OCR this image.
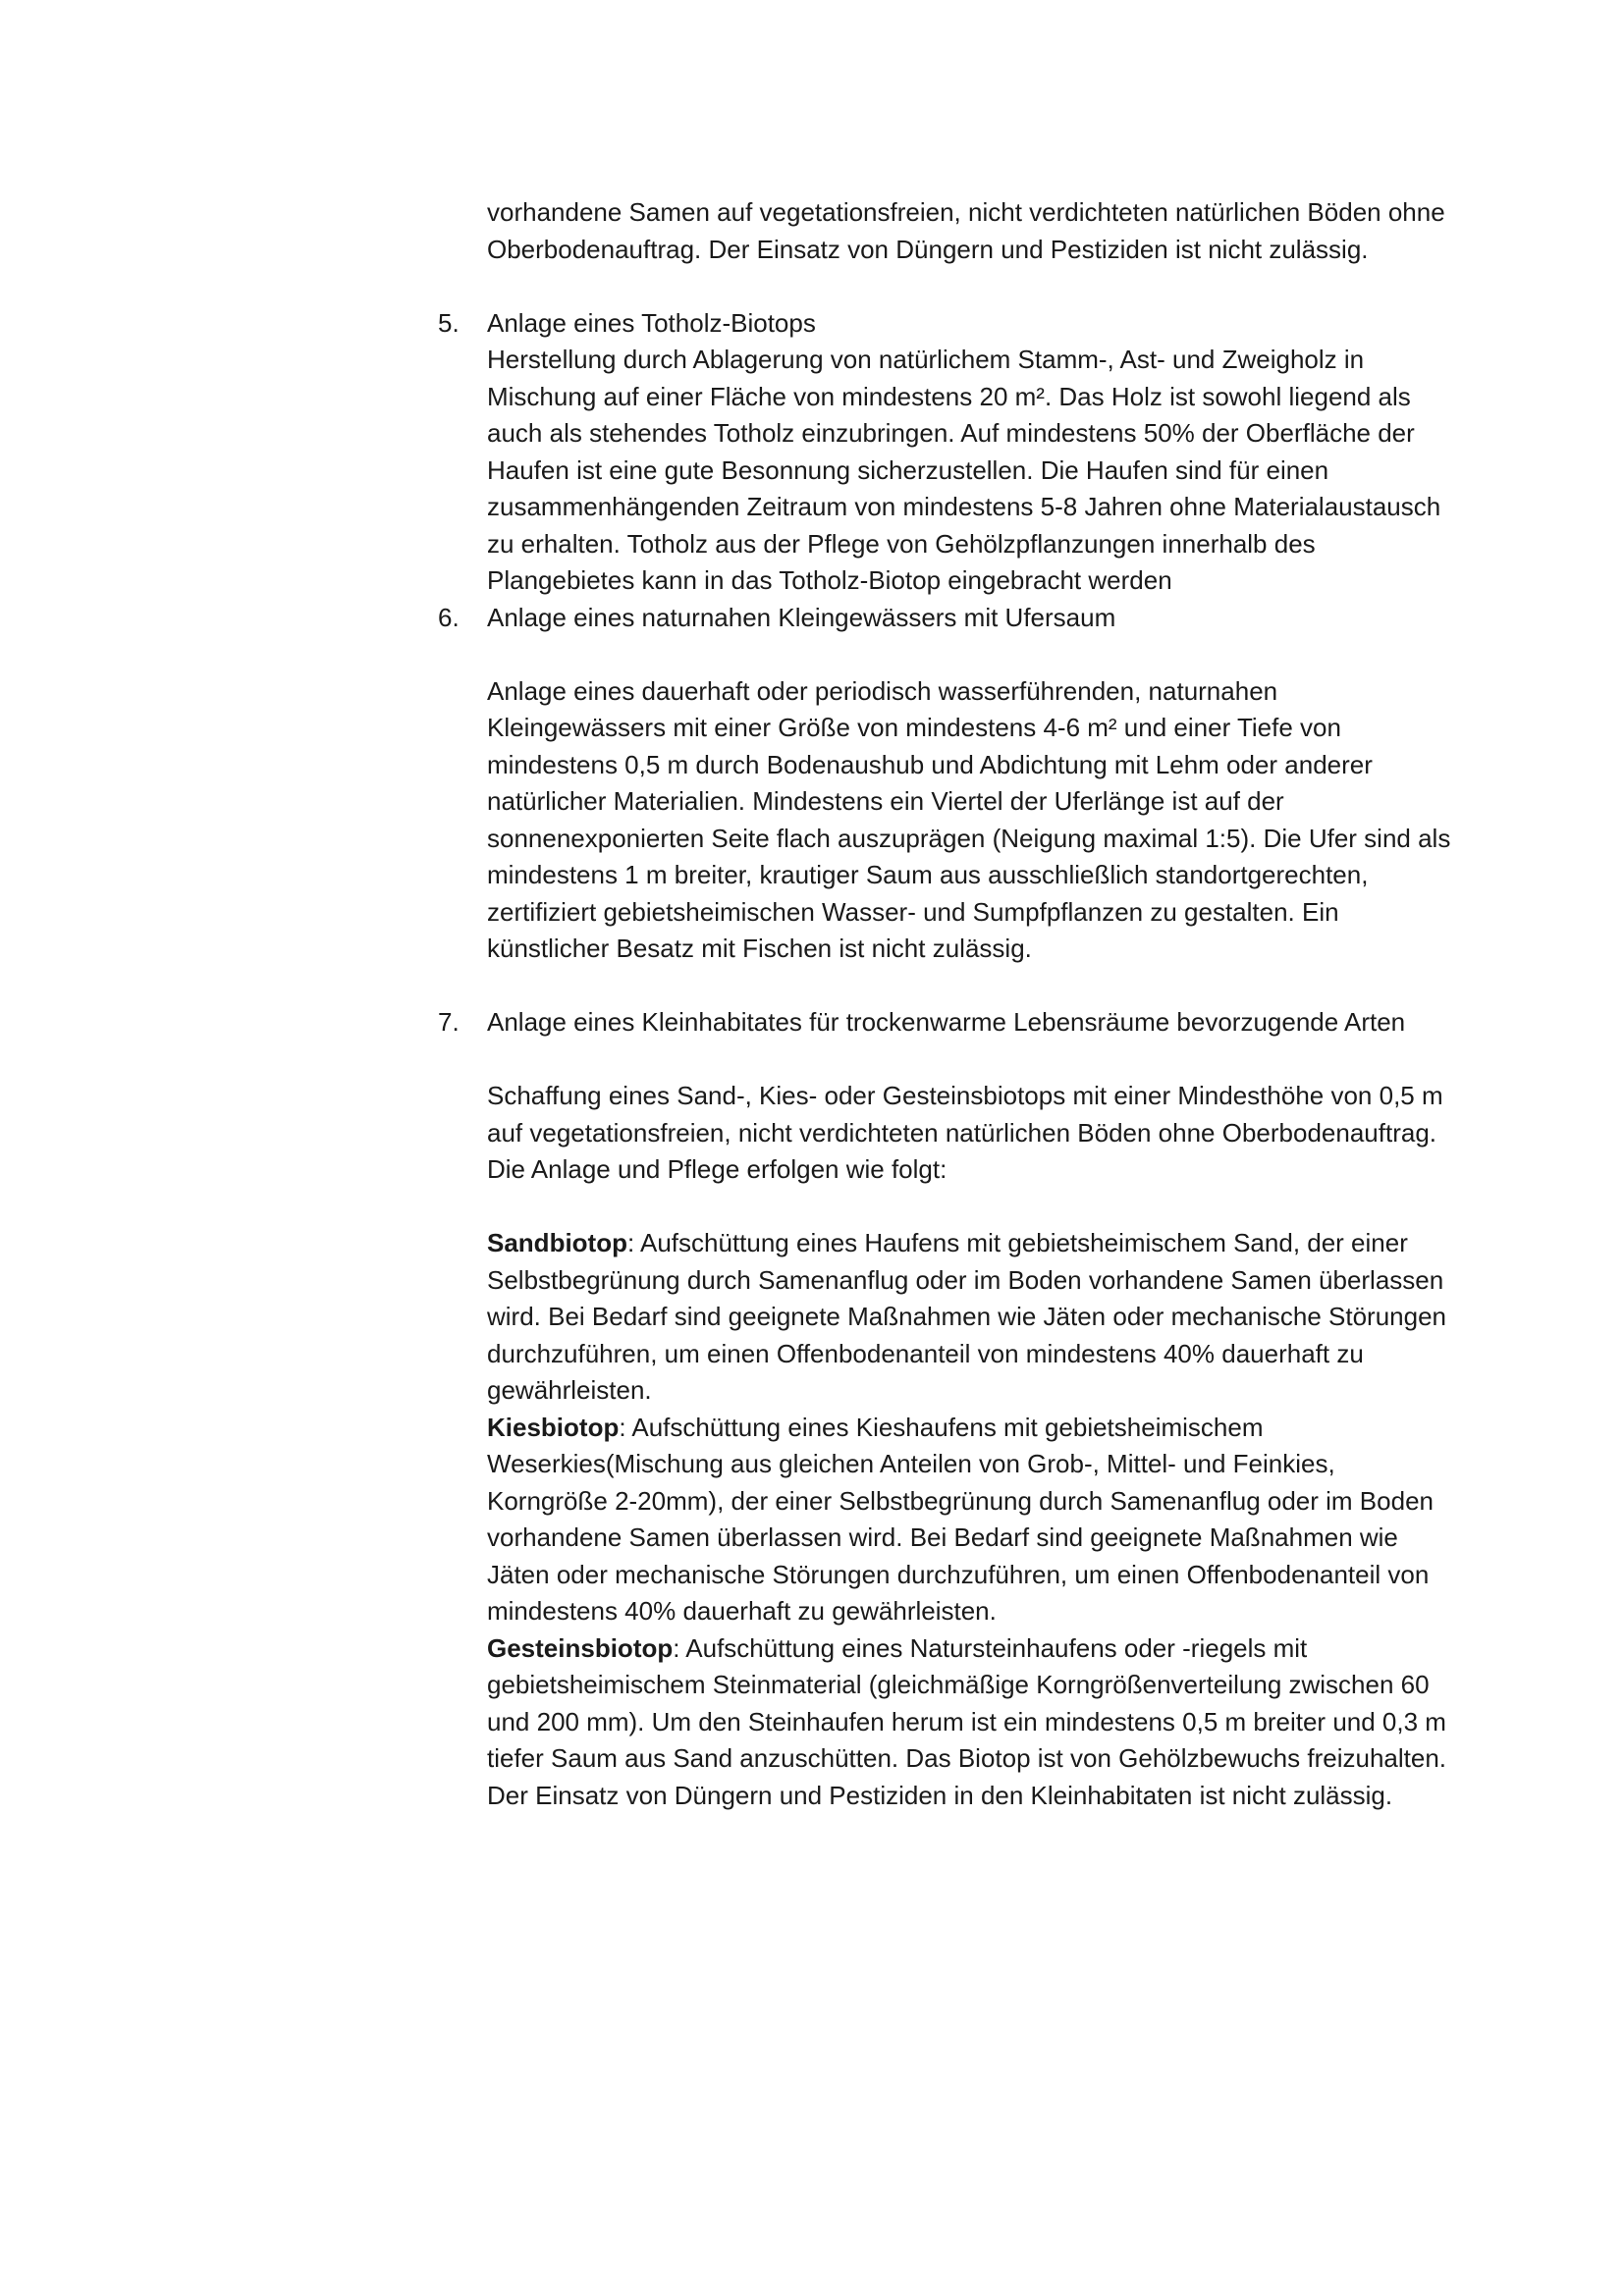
vorhandene Samen auf vegetationsfreien, nicht verdichteten natürlichen Böden ohne Oberbodenauftrag. Der Einsatz von Düngern und Pestiziden ist nicht zulässig.

5.	Anlage eines Totholz-Biotops

Herstellung durch Ablagerung von natürlichem Stamm-, Ast- und Zweigholz in Mischung auf einer Fläche von mindestens 20 m². Das Holz ist sowohl liegend als auch als stehendes Totholz einzubringen. Auf mindestens 50% der Oberfläche der Haufen ist eine gute Besonnung sicherzustellen. Die Haufen sind für einen zusammenhängenden Zeitraum von mindestens 5-8 Jahren ohne Materialaustausch zu erhalten. Totholz aus der Pflege von Gehölzpflanzungen innerhalb des Plangebietes kann in das Totholz-Biotop eingebracht werden

6.	Anlage eines naturnahen Kleingewässers mit Ufersaum

Anlage eines dauerhaft oder periodisch wasserführenden, naturnahen Kleingewässers mit einer Größe von mindestens 4-6 m² und einer Tiefe von mindestens 0,5 m durch Bodenaushub und Abdichtung mit Lehm oder anderer natürlicher Materialien. Mindestens ein Viertel der Uferlänge ist auf der sonnenexponierten Seite flach auszuprägen (Neigung maximal 1:5). Die Ufer sind als mindestens 1 m breiter, krautiger Saum aus ausschließlich standortgerechten, zertifiziert gebietsheimischen Wasser- und Sumpfpflanzen zu gestalten. Ein künstlicher Besatz mit Fischen ist nicht zulässig.

7.	Anlage eines Kleinhabitates für trockenwarme Lebensräume bevorzugende Arten

Schaffung eines Sand-, Kies- oder Gesteinsbiotops mit einer Mindesthöhe von 0,5 m auf vegetationsfreien, nicht verdichteten natürlichen Böden ohne Oberbodenauftrag.

Die Anlage und Pflege erfolgen wie folgt:

Sandbiotop: Aufschüttung eines Haufens mit gebietsheimischem Sand, der einer Selbstbegrünung durch Samenanflug oder im Boden vorhandene Samen überlassen wird. Bei Bedarf sind geeignete Maßnahmen wie Jäten oder mechanische Störungen durchzuführen, um einen Offenbodenanteil von mindestens 40% dauerhaft zu gewährleisten.

Kiesbiotop: Aufschüttung eines Kieshaufens mit gebietsheimischem Weserkies(Mischung aus gleichen Anteilen von Grob-, Mittel- und Feinkies, Korngröße 2-20mm), der einer Selbstbegrünung durch Samenanflug oder im Boden vorhandene Samen überlassen wird. Bei Bedarf sind geeignete Maßnahmen wie Jäten oder mechanische Störungen durchzuführen, um einen Offenbodenanteil von mindestens 40% dauerhaft zu gewährleisten.

Gesteinsbiotop: Aufschüttung eines Natursteinhaufens oder -riegels mit gebietsheimischem Steinmaterial (gleichmäßige Korngrößenverteilung zwischen 60 und 200 mm). Um den Steinhaufen herum ist ein mindestens 0,5 m breiter und 0,3 m tiefer Saum aus Sand anzuschütten. Das Biotop ist von Gehölzbewuchs freizuhalten.

Der Einsatz von Düngern und Pestiziden in den Kleinhabitaten ist nicht zulässig.
